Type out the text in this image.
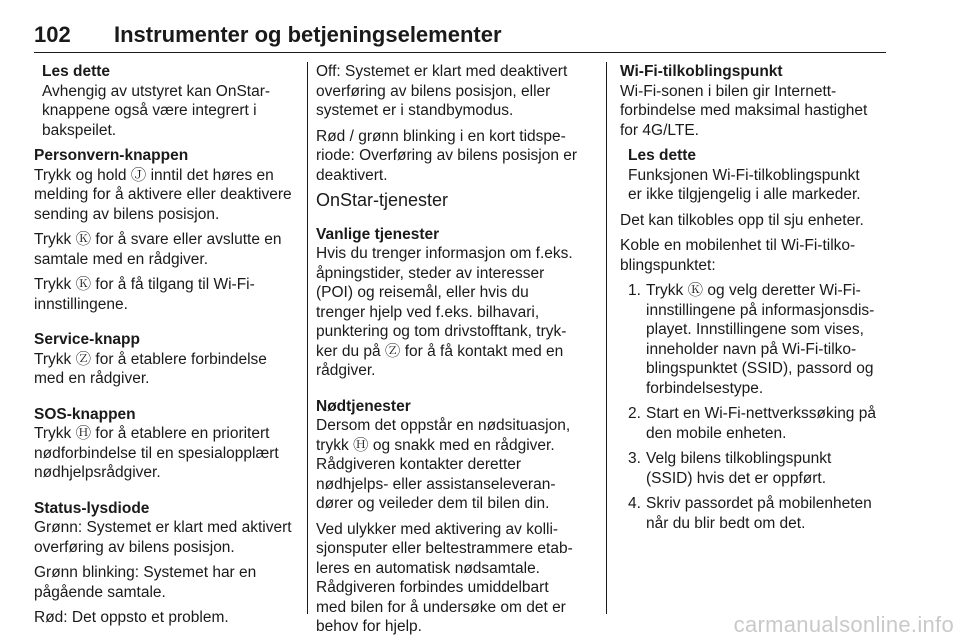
102 Instrumenter og betjeningselementer

Les dette

Avhengig av utstyret kan OnStar-

knappene også være integrert i

bakspeilet.

Personvern-knappen

Trykk og hold Ⓙ inntil det høres en

melding for å aktivere eller deaktivere

sending av bilens posisjon.

Trykk Ⓚ for å svare eller avslutte en

samtale med en rådgiver.

Trykk Ⓚ for å få tilgang til Wi-Fi-

innstillingene.

Service-knapp

Trykk Ⓩ for å etablere forbindelse

med en rådgiver.

SOS-knappen

Trykk Ⓗ for å etablere en prioritert

nødforbindelse til en spesialopplært

nødhjelpsrådgiver.

Status-lysdiode

Grønn: Systemet er klart med aktivert

overføring av bilens posisjon.

Grønn blinking: Systemet har en

pågående samtale.

Rød: Det oppsto et problem.

Off: Systemet er klart med deaktivert

overføring av bilens posisjon, eller

systemet er i standbymodus.

Rød / grønn blinking i en kort tidspe-

riode: Overføring av bilens posisjon er

deaktivert.

OnStar-tjenester

Vanlige tjenester

Hvis du trenger informasjon om f.eks.

åpningstider, steder av interesser

(POI) og reisemål, eller hvis du

trenger hjelp ved f.eks. bilhavari,

punktering og tom drivstofftank, tryk-

ker du på Ⓩ for å få kontakt med en

rådgiver.

Nødtjenester

Dersom det oppstår en nødsituasjon,

trykk Ⓗ og snakk med en rådgiver.

Rådgiveren kontakter deretter

nødhjelps- eller assistanseleveran-

dører og veileder dem til bilen din.

Ved ulykker med aktivering av kolli-

sjonsputer eller beltestrammere etab-

leres en automatisk nødsamtale.

Rådgiveren forbindes umiddelbart

med bilen for å undersøke om det er

behov for hjelp.

Wi-Fi-tilkoblingspunkt

Wi-Fi-sonen i bilen gir Internett-

forbindelse med maksimal hastighet

for 4G/LTE.

Les dette

Funksjonen Wi-Fi-tilkoblingspunkt

er ikke tilgjengelig i alle markeder.

Det kan tilkobles opp til sju enheter.

Koble en mobilenhet til Wi-Fi-tilko-

blingspunktet:

1. Trykk Ⓚ og velg deretter Wi-Fi-

innstillingene på informasjonsdis-

playet. Innstillingene som vises,

inneholder navn på Wi-Fi-tilko-

blingspunktet (SSID), passord og

forbindelsestype.

2. Start en Wi-Fi-nettverkssøking på

den mobile enheten.

3. Velg bilens tilkoblingspunkt

(SSID) hvis det er oppført.

4. Skriv passordet på mobilenheten

når du blir bedt om det.

carmanualsonline.info
